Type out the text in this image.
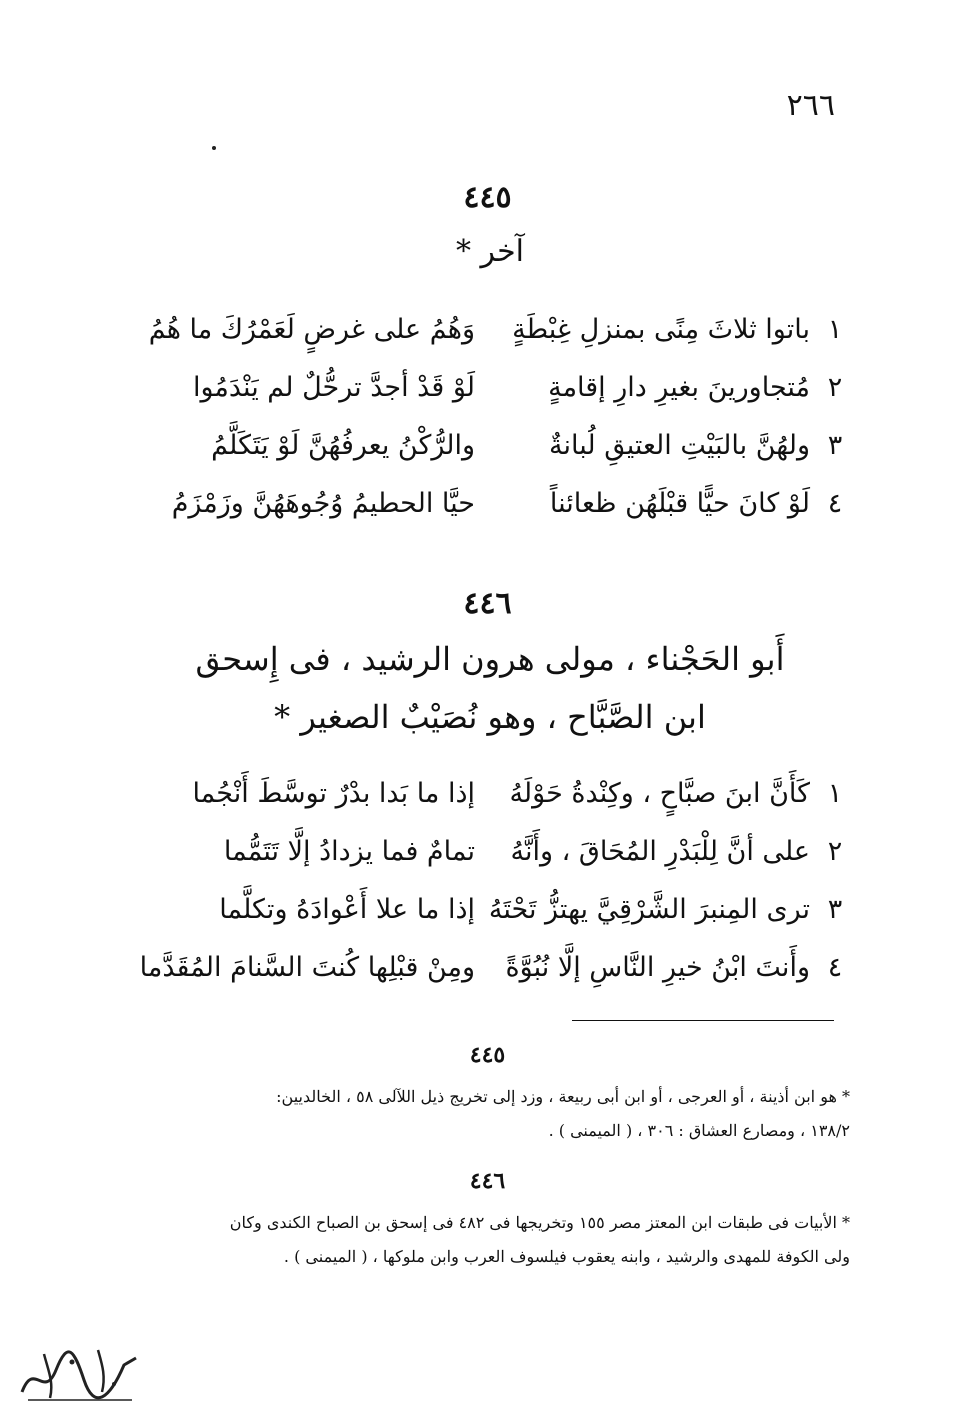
٢٦٦
٤٤٥
آخر *
١
باتوا ثلاثَ مِنًى بمنزلِ غِبْطَةٍ
وَهُمُ على غرضٍ لَعَمْرُكَ ما هُمُ
٢
مُتجاورينَ بغيرِ دارِ إقامةٍ
لَوْ قَدْ أجدَّ ترحُّلٌ لم يَنْدَمُوا
٣
ولهُنَّ بالبَيْتِ العتيقِ لُبانةٌ
والرُّكْنُ يعرفُهُنَّ لَوْ يَتَكَلَّمُ
٤
لَوْ كانَ حيًّا قبْلَهُن ظعائناً
حيَّا الحطيمُ وُجُوهَهُنَّ وزَمْزَمُ
٤٤٦
أَبو الحَجْناء ، مولى هرون الرشيد ، فى إِسحق
ابن الصَّبَّاح ، وهو نُصَيْبٌ الصغير *
١
كَأَنَّ ابنَ صبَّاحٍ ، وكِنْدةُ حَوْلَهُ
إذا ما بَدا بدْرٌ توسَّطَ أَنْجُما
٢
على أنَّ لِلْبَدْرِ المُحَاقَ ، وأَنَّهُ
تمامٌ فما يزدادُ إلَّا تَتَمُّما
٣
ترى المِنبرَ الشَّرْقِيَّ يهتزُّ تَحْتَهُ
إذا ما علا أَعْوادَهُ وتكلَّما
٤
وأَنتَ ابْنُ خيرِ النَّاسِ إلَّا نُبُوَّةً
ومِنْ قبْلِها كُنتَ السَّنامَ المُقَدَّما
٤٤٥
* هو ابن أذينة ، أو العرجى ، أو ابن أبى ربيعة ، وزد إلى تخريج ذيل اللآلى ٥٨ ، الخالديين:
١٣٨/٢ ، ومصارع العشاق : ٣٠٦ ، ( الميمنى ) .
٤٤٦
* الأبيات فى طبقات ابن المعتز مصر ١٥٥ وتخريجها فى ٤٨٢ فى إسحق بن الصباح الكندى وكان
ولى الكوفة للمهدى والرشيد ، وابنه يعقوب فيلسوف العرب وابن ملوكها ، ( الميمنى ) .
